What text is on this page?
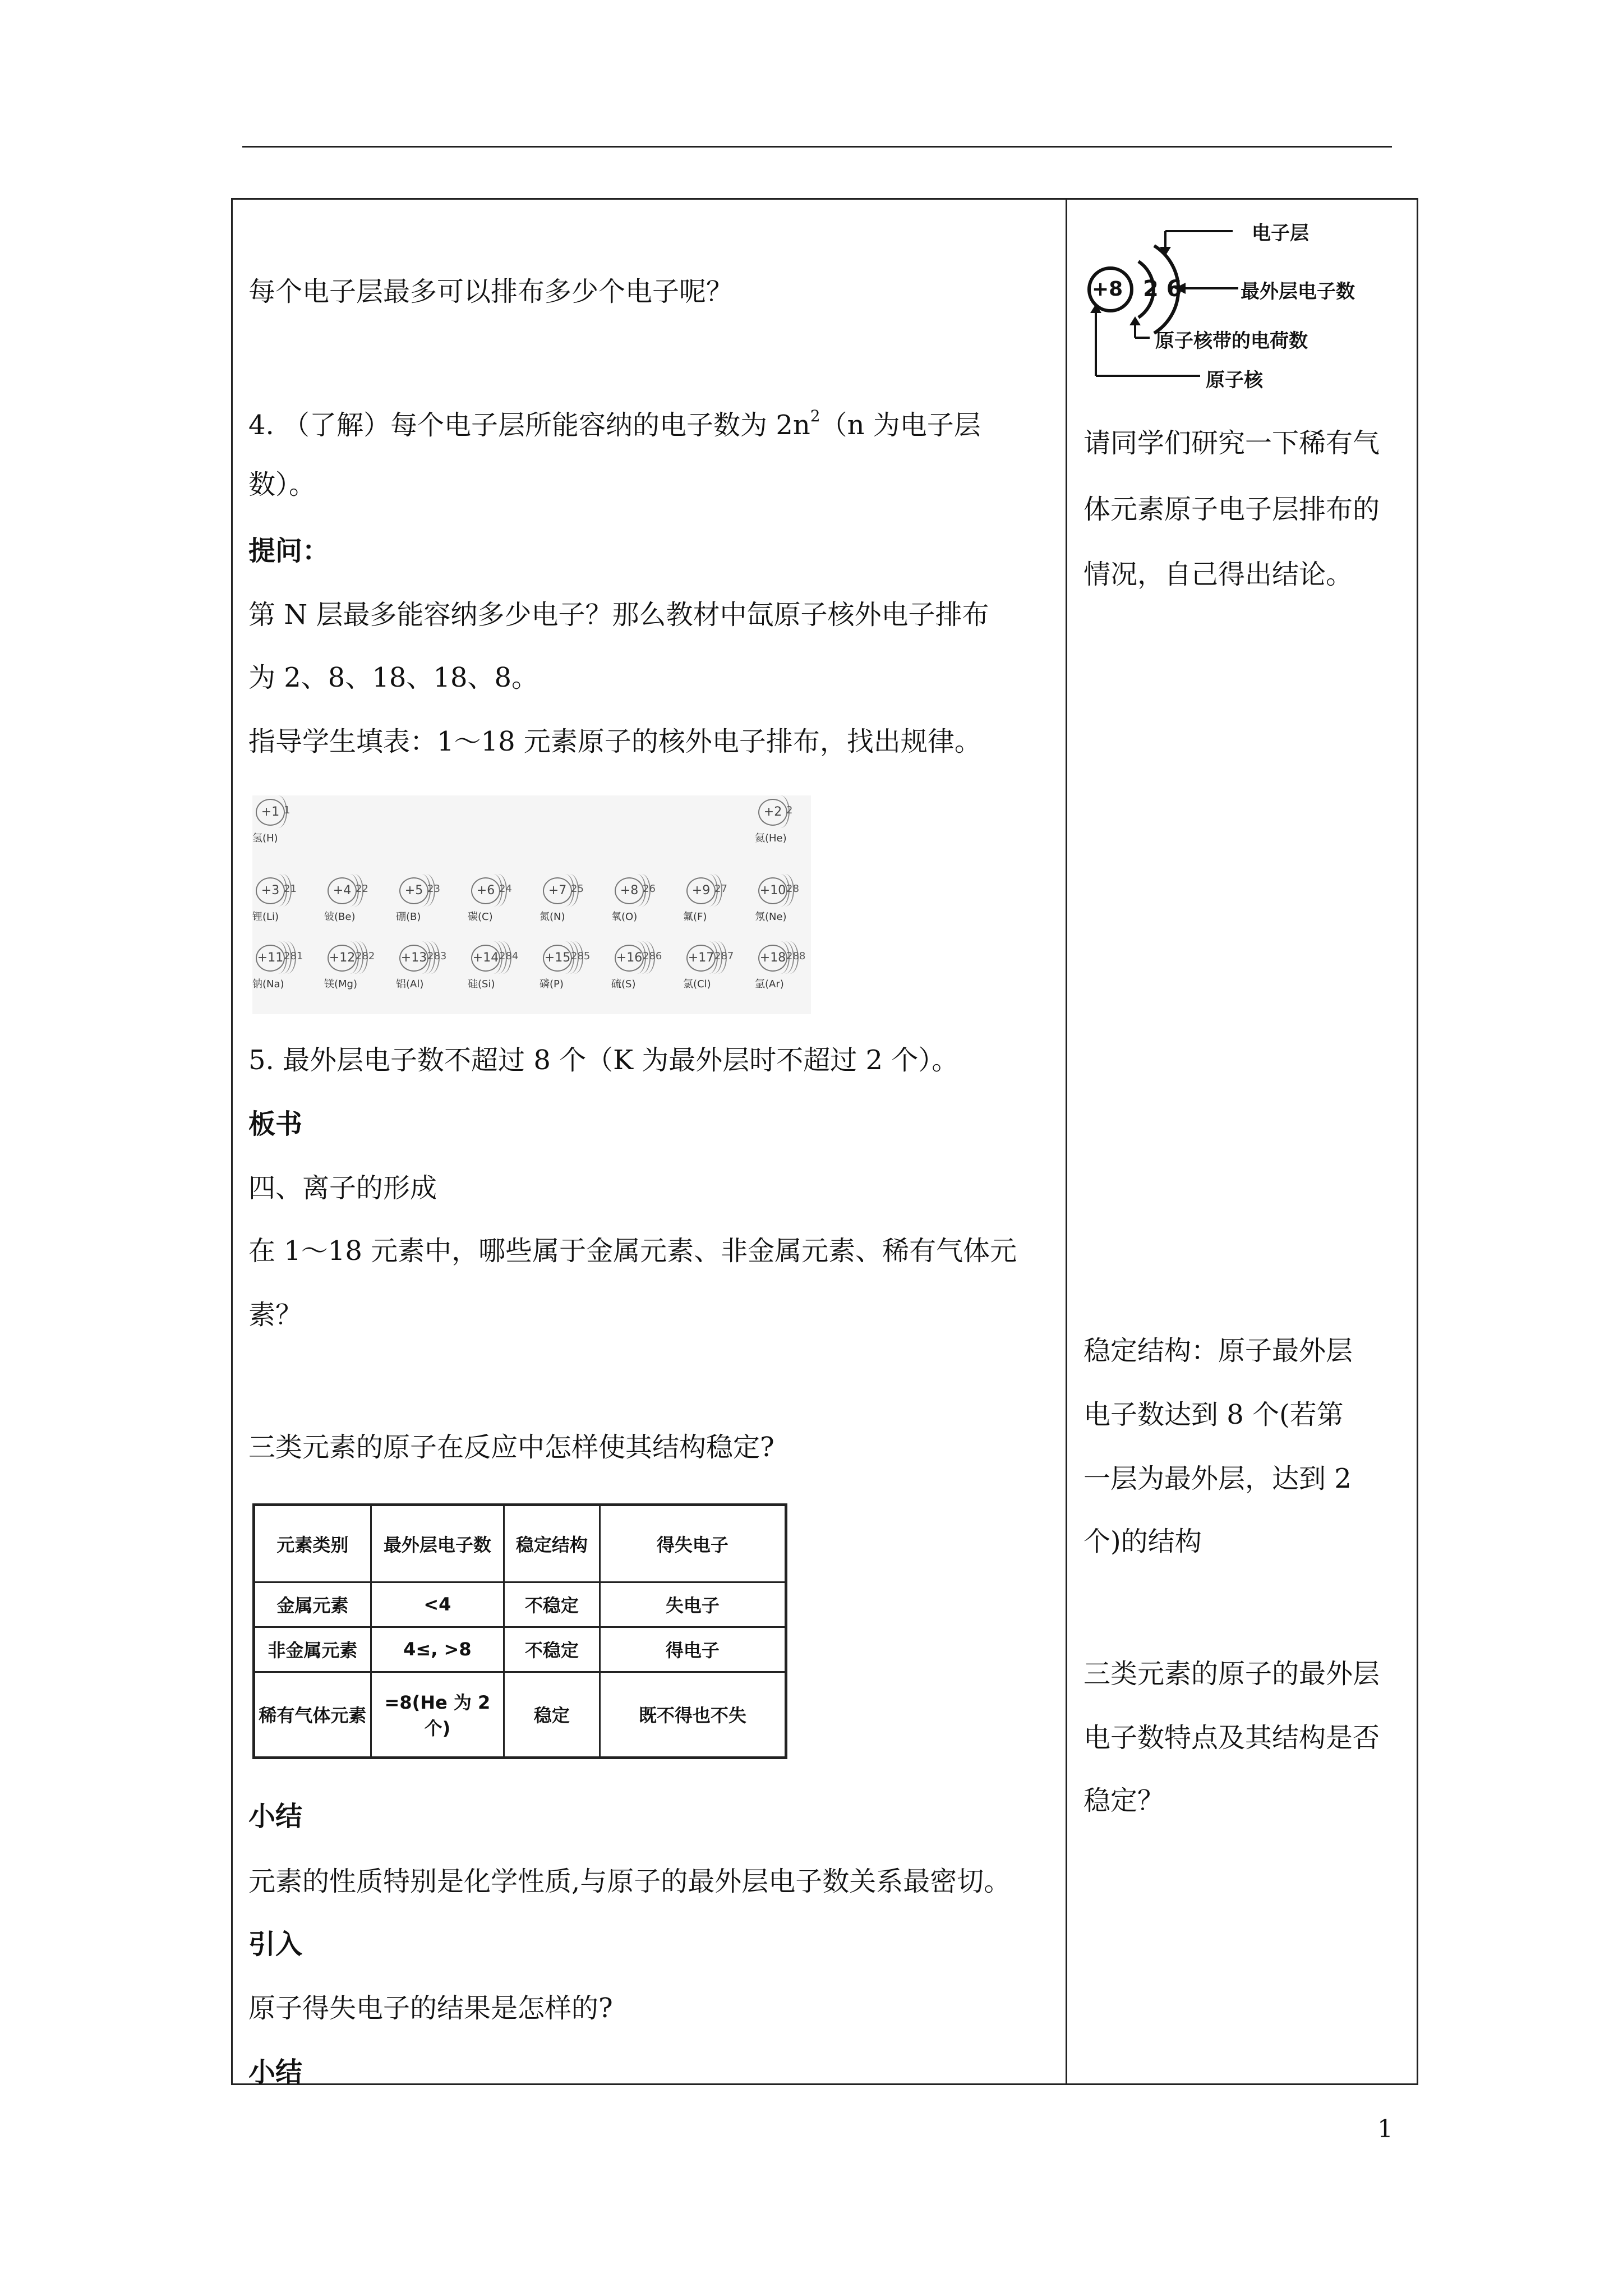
每个电子层最多可以排布多少个电子呢？
4. （了解）每个电子层所能容纳的电子数为 $2n^2(n$ 为电子层
数）。
提问：
第 N 层最多能容纳多少电子？那么教材中氙原子核外电子排布
为 2、8、18、18、8。
指导学生填表：1～18 元素原子的核外电子排布，找出规律。
+1 1
氢(H)
+2 2
氦(He)
+3 21
锂(Li)
+4 22
铍(Be)
+5 23
硼(B)
+6 24
碳(C)
+7 25
氮(N)
+8 26
氧(O)
+9 27
氟(F)
+10 28
氖(Ne)
+11 281
钠(Na)
+12 282
镁(Mg)
+13 283
铝(Al)
+14 284
硅(Si)
+15 285
磷(P)
+16 286
硫(S)
+17 287
氯(Cl)
+18 288
氩(Ar)
5. 最外层电子数不超过 8 个（K 为最外层时不超过 2 个）。
板书
四、离子的形成
在 1～18 元素中，哪些属于金属元素、非金属元素、稀有气体元
素？
三类元素的原子在反应中怎样使其结构稳定?
元素类别	最外层电子数	稳定结构	得失电子
金属元素	<4	不稳定	失电子
非金属元素	4≤, >8	不稳定	得电子
稀有气体元素	=8(He 为 2 个)	稳定	既不得也不失
小结
元素的性质特别是化学性质,与原子的最外层电子数关系最密切。
引入
原子得失电子的结果是怎样的?
小结
+8 2 6
电子层
最外层电子数
原子核带的电荷数
原子核
请同学们研究一下稀有气
体元素原子电子层排布的
情况，自己得出结论。
稳定结构：原子最外层
电子数达到 8 个(若第
一层为最外层，达到 2
个)的结构
三类元素的原子的最外层
电子数特点及其结构是否
稳定？
1
